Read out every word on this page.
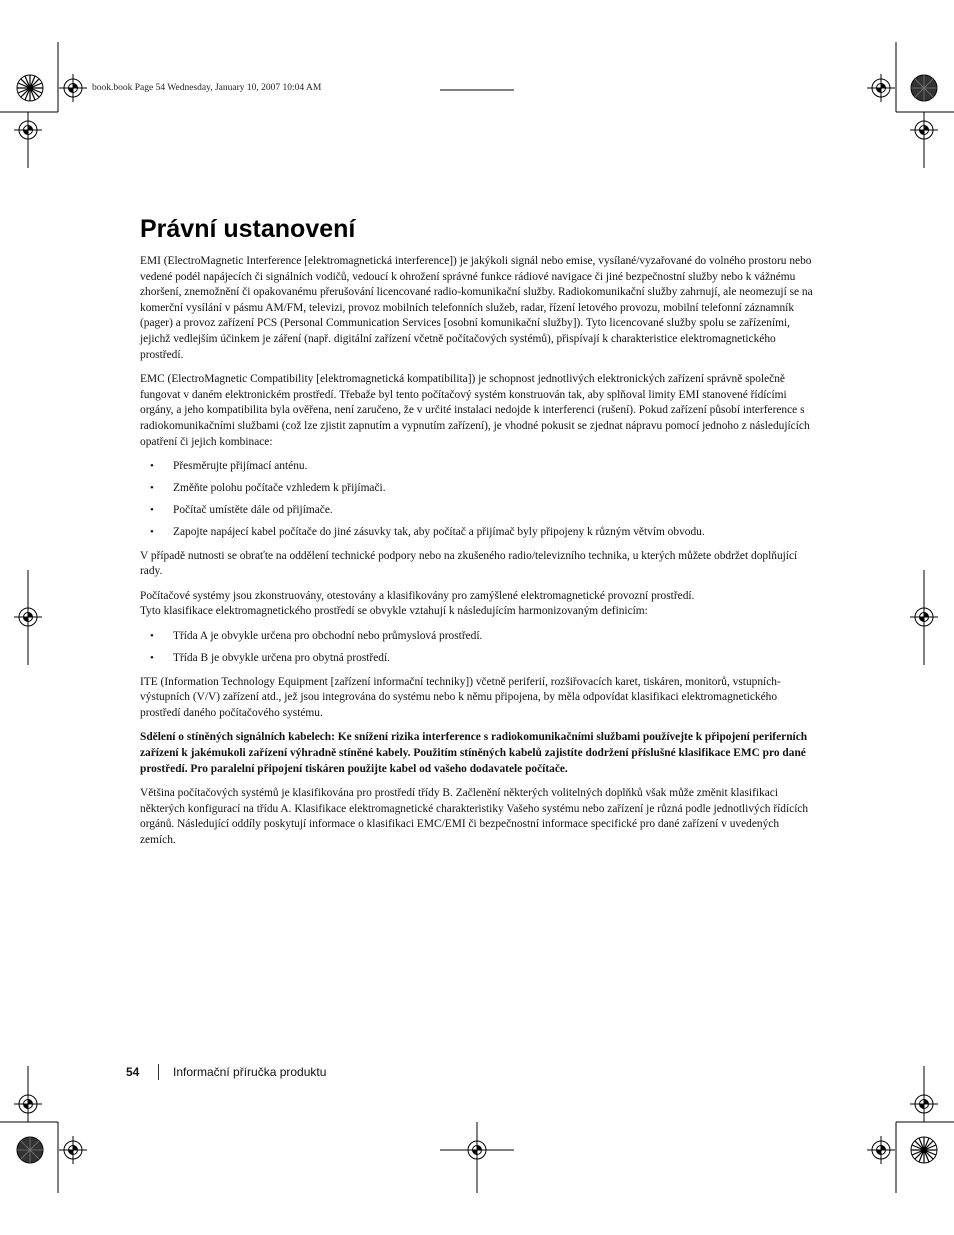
book.book Page 54 Wednesday, January 10, 2007 10:04 AM
Právní ustanovení

EMI (ElectroMagnetic Interference [elektromagnetická interference]) je jakýkoli signál nebo emise, vysílané/vyzařované do volného prostoru nebo vedené podél napájecích či signálních vodičů, vedoucí k ohrožení správné funkce rádiové navigace či jiné bezpečnostní služby nebo k vážnému zhoršení, znemožnění či opakovanému přerušování licencované radio-komunikační služby. Radiokomunikační služby zahrnují, ale neomezují se na komerční vysílání v pásmu AM/FM, televizi, provoz mobilních telefonních služeb, radar, řízení letového provozu, mobilní telefonní záznamník (pager) a provoz zařízení PCS (Personal Communication Services [osobní komunikační služby]). Tyto licencované služby spolu se zařízeními, jejichž vedlejším účinkem je záření (např. digitální zařízení včetně počítačových systémů), přispívají k charakteristice elektromagnetického prostředí.

EMC (ElectroMagnetic Compatibility [elektromagnetická kompatibilita]) je schopnost jednotlivých elektronických zařízení správně společně fungovat v daném elektronickém prostředí. Třebaže byl tento počítačový systém konstruován tak, aby splňoval limity EMI stanovené řídícími orgány, a jeho kompatibilita byla ověřena, není zaručeno, že v určité instalaci nedojde k interferenci (rušení). Pokud zařízení působí interference s radiokomunikačními službami (což lze zjistit zapnutím a vypnutím zařízení), je vhodné pokusit se zjednat nápravu pomocí jednoho z následujících opatření či jejich kombinace:

• Přesměrujte přijímací anténu.
• Změňte polohu počítače vzhledem k přijímači.
• Počítač umístěte dále od přijímače.
• Zapojte napájecí kabel počítače do jiné zásuvky tak, aby počítač a přijímač byly připojeny k různým větvím obvodu.

V případě nutnosti se obraťte na oddělení technické podpory nebo na zkušeného radio/televizního technika, u kterých můžete obdržet doplňující rady.

Počítačové systémy jsou zkonstruovány, otestovány a klasifikovány pro zamýšlené elektromagnetické provozní prostředí.

Tyto klasifikace elektromagnetického prostředí se obvykle vztahují k následujícím harmonizovaným definicím:

• Třída A je obvykle určena pro obchodní nebo průmyslová prostředí.
• Třída B je obvykle určena pro obytná prostředí.

ITE (Information Technology Equipment [zařízení informační techniky]) včetně periferií, rozšiřovacích karet, tiskáren, monitorů, vstupních-výstupních (V/V) zařízení atd., jež jsou integrována do systému nebo k němu připojena, by měla odpovídat klasifikaci elektromagnetického prostředí daného počítačového systému.

Sdělení o stíněných signálních kabelech: Ke snížení rizika interference s radiokomunikačními službami používejte k připojení periferních zařízení k jakémukoli zařízení výhradně stíněné kabely. Použitím stíněných kabelů zajistíte dodržení příslušné klasifikace EMC pro dané prostředí. Pro paralelní připojení tiskáren použijte kabel od vašeho dodavatele počítače.

Většina počítačových systémů je klasifikována pro prostředí třídy B. Začlenění některých volitelných doplňků však může změnit klasifikaci některých konfigurací na třídu A. Klasifikace elektromagnetické charakteristiky Vašeho systému nebo zařízení je různá podle jednotlivých řídících orgánů. Následující oddíly poskytují informace o klasifikaci EMC/EMI či bezpečnostní informace specifické pro dané zařízení v uvedených zemích.

54	Informační příručka produktu
